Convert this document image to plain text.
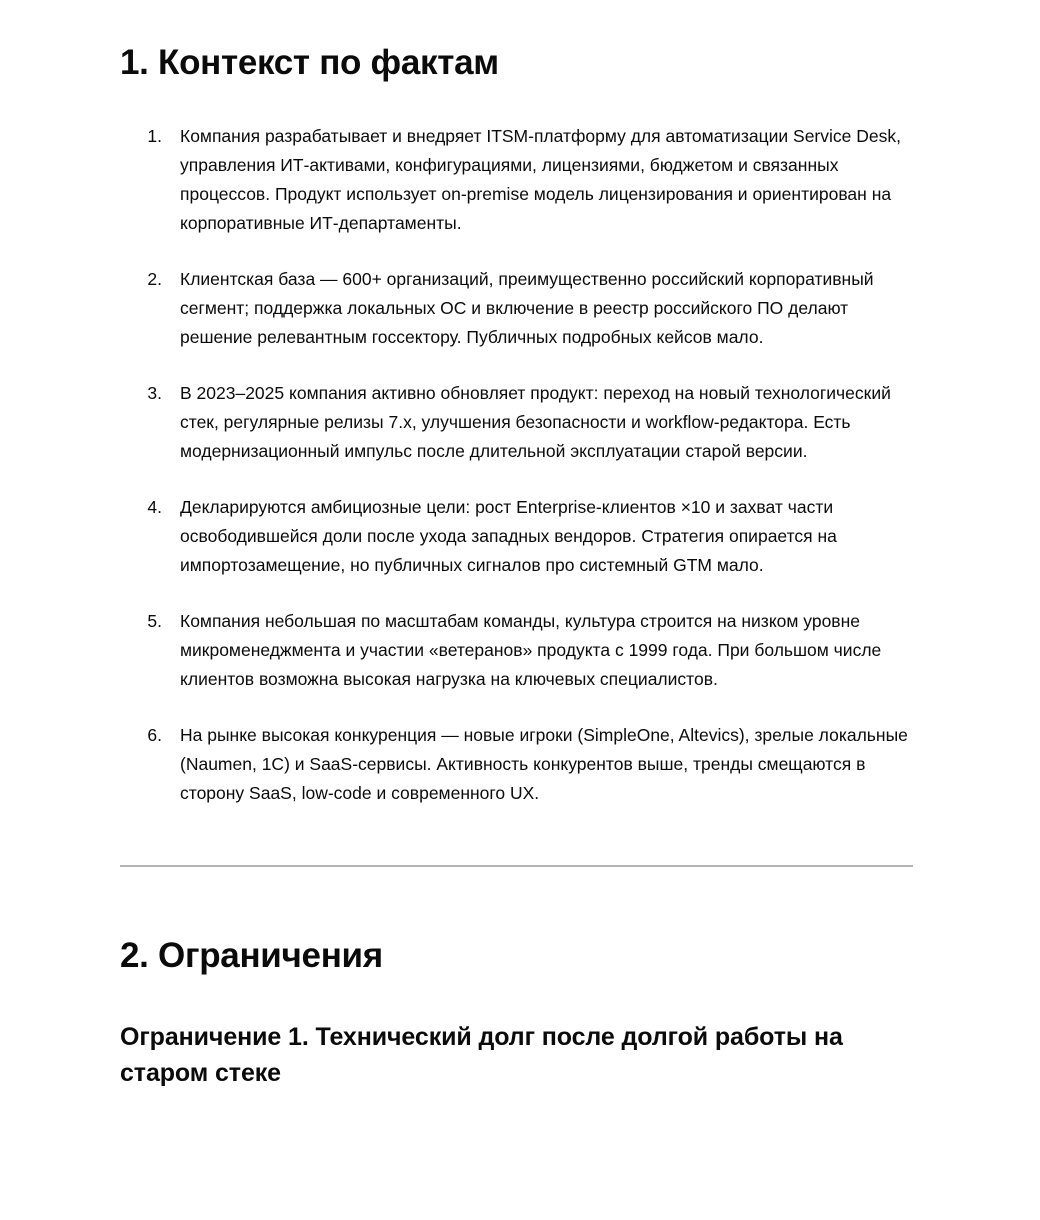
1. Контекст по фактам
1. Компания разрабатывает и внедряет ITSM-платформу для автоматизации Service Desk, управления ИТ-активами, конфигурациями, лицензиями, бюджетом и связанных процессов. Продукт использует on-premise модель лицензирования и ориентирован на корпоративные ИТ-департаменты.
2. Клиентская база — 600+ организаций, преимущественно российский корпоративный сегмент; поддержка локальных ОС и включение в реестр российского ПО делают решение релевантным госсектору. Публичных подробных кейсов мало.
3. В 2023–2025 компания активно обновляет продукт: переход на новый технологический стек, регулярные релизы 7.x, улучшения безопасности и workflow-редактора. Есть модернизационный импульс после длительной эксплуатации старой версии.
4. Декларируются амбициозные цели: рост Enterprise-клиентов ×10 и захват части освободившейся доли после ухода западных вендоров. Стратегия опирается на импортозамещение, но публичных сигналов про системный GTM мало.
5. Компания небольшая по масштабам команды, культура строится на низком уровне микроменеджмента и участии «ветеранов» продукта с 1999 года. При большом числе клиентов возможна высокая нагрузка на ключевых специалистов.
6. На рынке высокая конкуренция — новые игроки (SimpleOne, Altevics), зрелые локальные (Naumen, 1С) и SaaS-сервисы. Активность конкурентов выше, тренды смещаются в сторону SaaS, low-code и современного UX.
2. Ограничения
Ограничение 1. Технический долг после долгой работы на старом стеке
